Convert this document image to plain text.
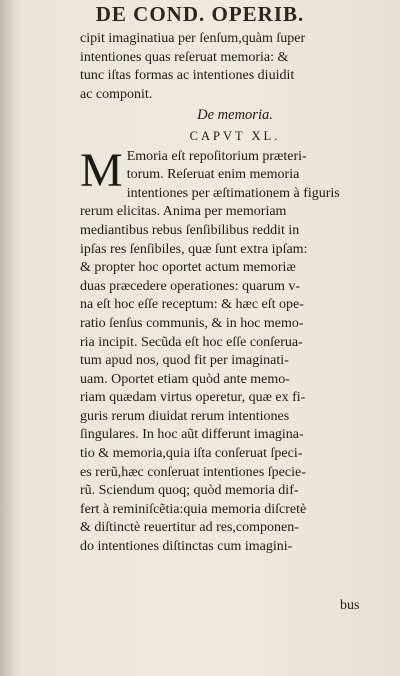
DE COND. OPERIB.
cipit imaginatiua per ſenſum,quàm ſuper
intentiones quas reſeruat memoria: &
tunc iſtas formas ac intentiones diuidit
ac componit.
De memoria.
CAPVT XL.
M Emoria eſt repoſitorium præteri-
torum. Reſeruat enim memoria
intentiones per æſtimationem à figuris
rerum elicitas. Anima per memoriam
mediantibus rebus ſenſibilibus reddit in
ipſas res ſenſibiles, quæ ſunt extra ipſam:
& propter hoc oportet actum memoriæ
duas præcedere operationes: quarum v-
na eſt hoc eſſe receptum: & hæc eſt ope-
ratio ſenſus communis, & in hoc memo-
ria incipit. Secũda eſt hoc eſſe conſerua-
tum apud nos, quod fit per imaginati-
uam. Oportet etiam quòd ante memo-
riam quædam virtus operetur, quæ ex fi-
guris rerum diuidat rerum intentiones
ſingulares. In hoc aũt differunt imagina-
tio & memoria,quia iſta conſeruat ſpeci-
es rerũ,hæc conſeruat intentiones ſpecie-
rũ. Sciendum quoq; quòd memoria dif-
fert à reminiſcẽtia:quia memoria diſcretè
& diſtinctè reuertitur ad res,componen-
do intentiones diſtinctas cum imagini-
bus
